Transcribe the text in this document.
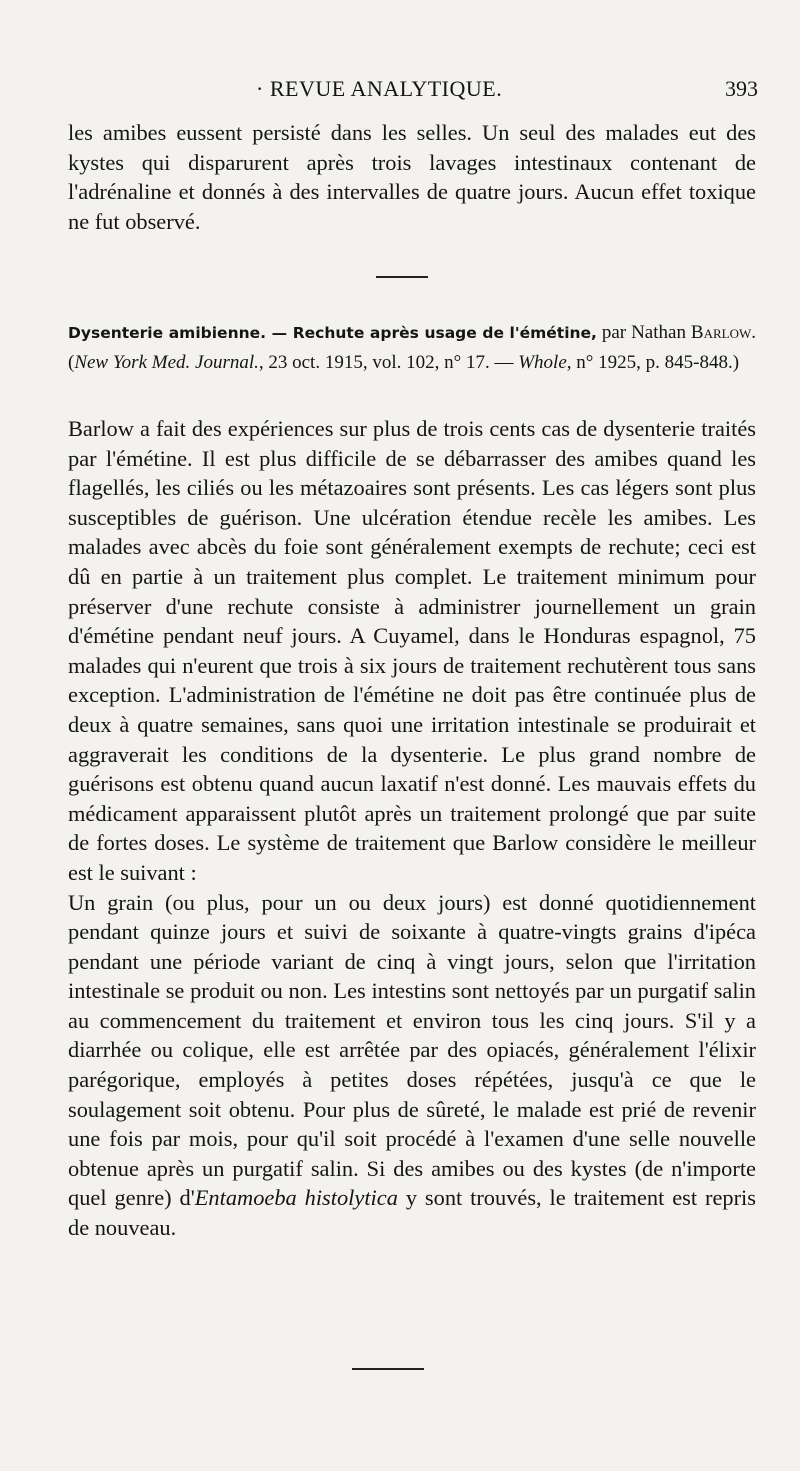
· REVUE ANALYTIQUE.	393

les amibes eussent persisté dans les selles. Un seul des malades eut des kystes qui disparurent après trois lavages intestinaux contenant de l'adrénaline et donnés à des intervalles de quatre jours. Aucun effet toxique ne fut observé.

Dysenterie amibienne. — Rechute après usage de l'émétine, par Nathan Barlow. (New York Med. Journal., 23 oct. 1915, vol. 102, n° 17. — Whole, n° 1925, p. 845-848.)

Barlow a fait des expériences sur plus de trois cents cas de dysenterie traités par l'émétine. Il est plus difficile de se débarrasser des amibes quand les flagellés, les ciliés ou les métazoaires sont présents. Les cas légers sont plus susceptibles de guérison. Une ulcération étendue recèle les amibes. Les malades avec abcès du foie sont généralement exempts de rechute; ceci est dû en partie à un traitement plus complet. Le traitement minimum pour préserver d'une rechute consiste à administrer journellement un grain d'émétine pendant neuf jours. A Cuyamel, dans le Honduras espagnol, 75 malades qui n'eurent que trois à six jours de traitement rechutèrent tous sans exception. L'administration de l'émétine ne doit pas être continuée plus de deux à quatre semaines, sans quoi une irritation intestinale se produirait et aggraverait les conditions de la dysenterie. Le plus grand nombre de guérisons est obtenu quand aucun laxatif n'est donné. Les mauvais effets du médicament apparaissent plutôt après un traitement prolongé que par suite de fortes doses. Le système de traitement que Barlow considère le meilleur est le suivant :

Un grain (ou plus, pour un ou deux jours) est donné quotidiennement pendant quinze jours et suivi de soixante à quatre-vingts grains d'ipéca pendant une période variant de cinq à vingt jours, selon que l'irritation intestinale se produit ou non. Les intestins sont nettoyés par un purgatif salin au commencement du traitement et environ tous les cinq jours. S'il y a diarrhée ou colique, elle est arrêtée par des opiacés, généralement l'élixir parégorique, employés à petites doses répétées, jusqu'à ce que le soulagement soit obtenu. Pour plus de sûreté, le malade est prié de revenir une fois par mois, pour qu'il soit procédé à l'examen d'une selle nouvelle obtenue après un purgatif salin. Si des amibes ou des kystes (de n'importe quel genre) d'Entamoeba histolytica y sont trouvés, le traitement est repris de nouveau.
